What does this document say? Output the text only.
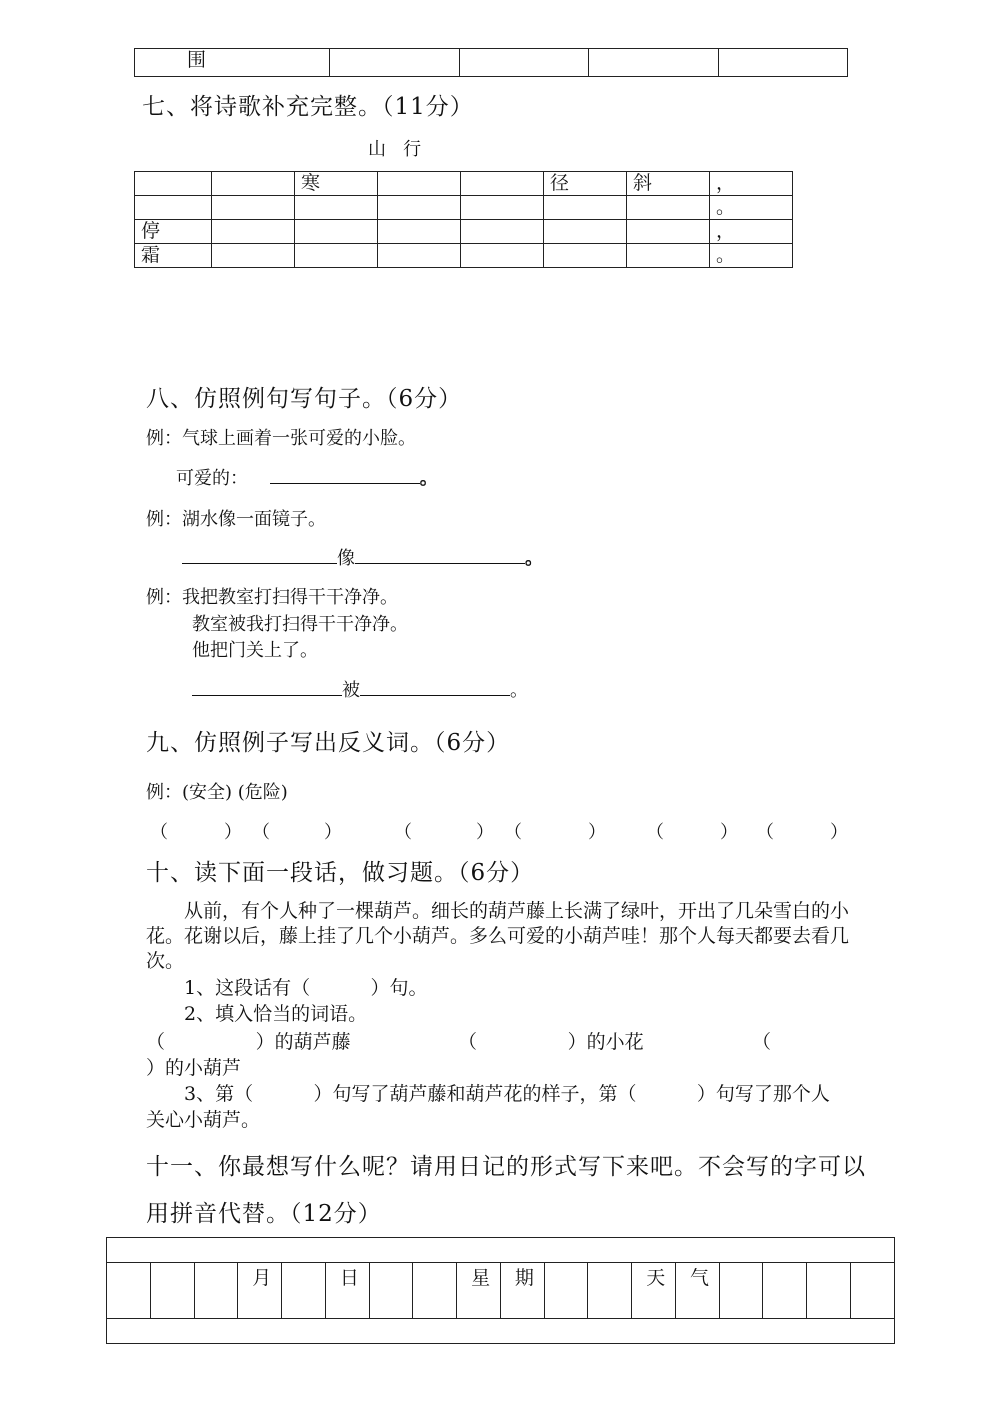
围				
七、将诗歌补充完整。（11分）
山   行
		寒			径	斜	，
							。
停							，
霜							。
八、仿照例句写句子。（6分）
例：气球上画着一张可爱的小脸。
可爱的：	。
例：湖水像一面镜子。
像	。
例：我把教室打扫得干干净净。
教室被我打扫得干干净净。
他把门关上了。
被	。
九、仿照例子写出反义词。（6分）
例：(安全) (危险)
（	） （	）	（	） （	） （	） （	）
十、读下面一段话，做习题。（6分）
从前，有个人种了一棵葫芦。细长的葫芦藤上长满了绿叶，开出了几朵雪白的小花。花谢以后，藤上挂了几个小葫芦。多么可爱的小葫芦哇！那个人每天都要去看几次。
1、这段话有（          ）句。
2、填入恰当的词语。
（               ）的葫芦藤	（               ）的小花	（
）的小葫芦
3、第（          ）句写了葫芦藤和葫芦花的样子，第（          ）句写了那个人
关心小葫芦。
十一、你最想写什么呢？请用日记的形式写下来吧。不会写的字可以
用拼音代替。（12分）

			月		日			星	期			天	气				
